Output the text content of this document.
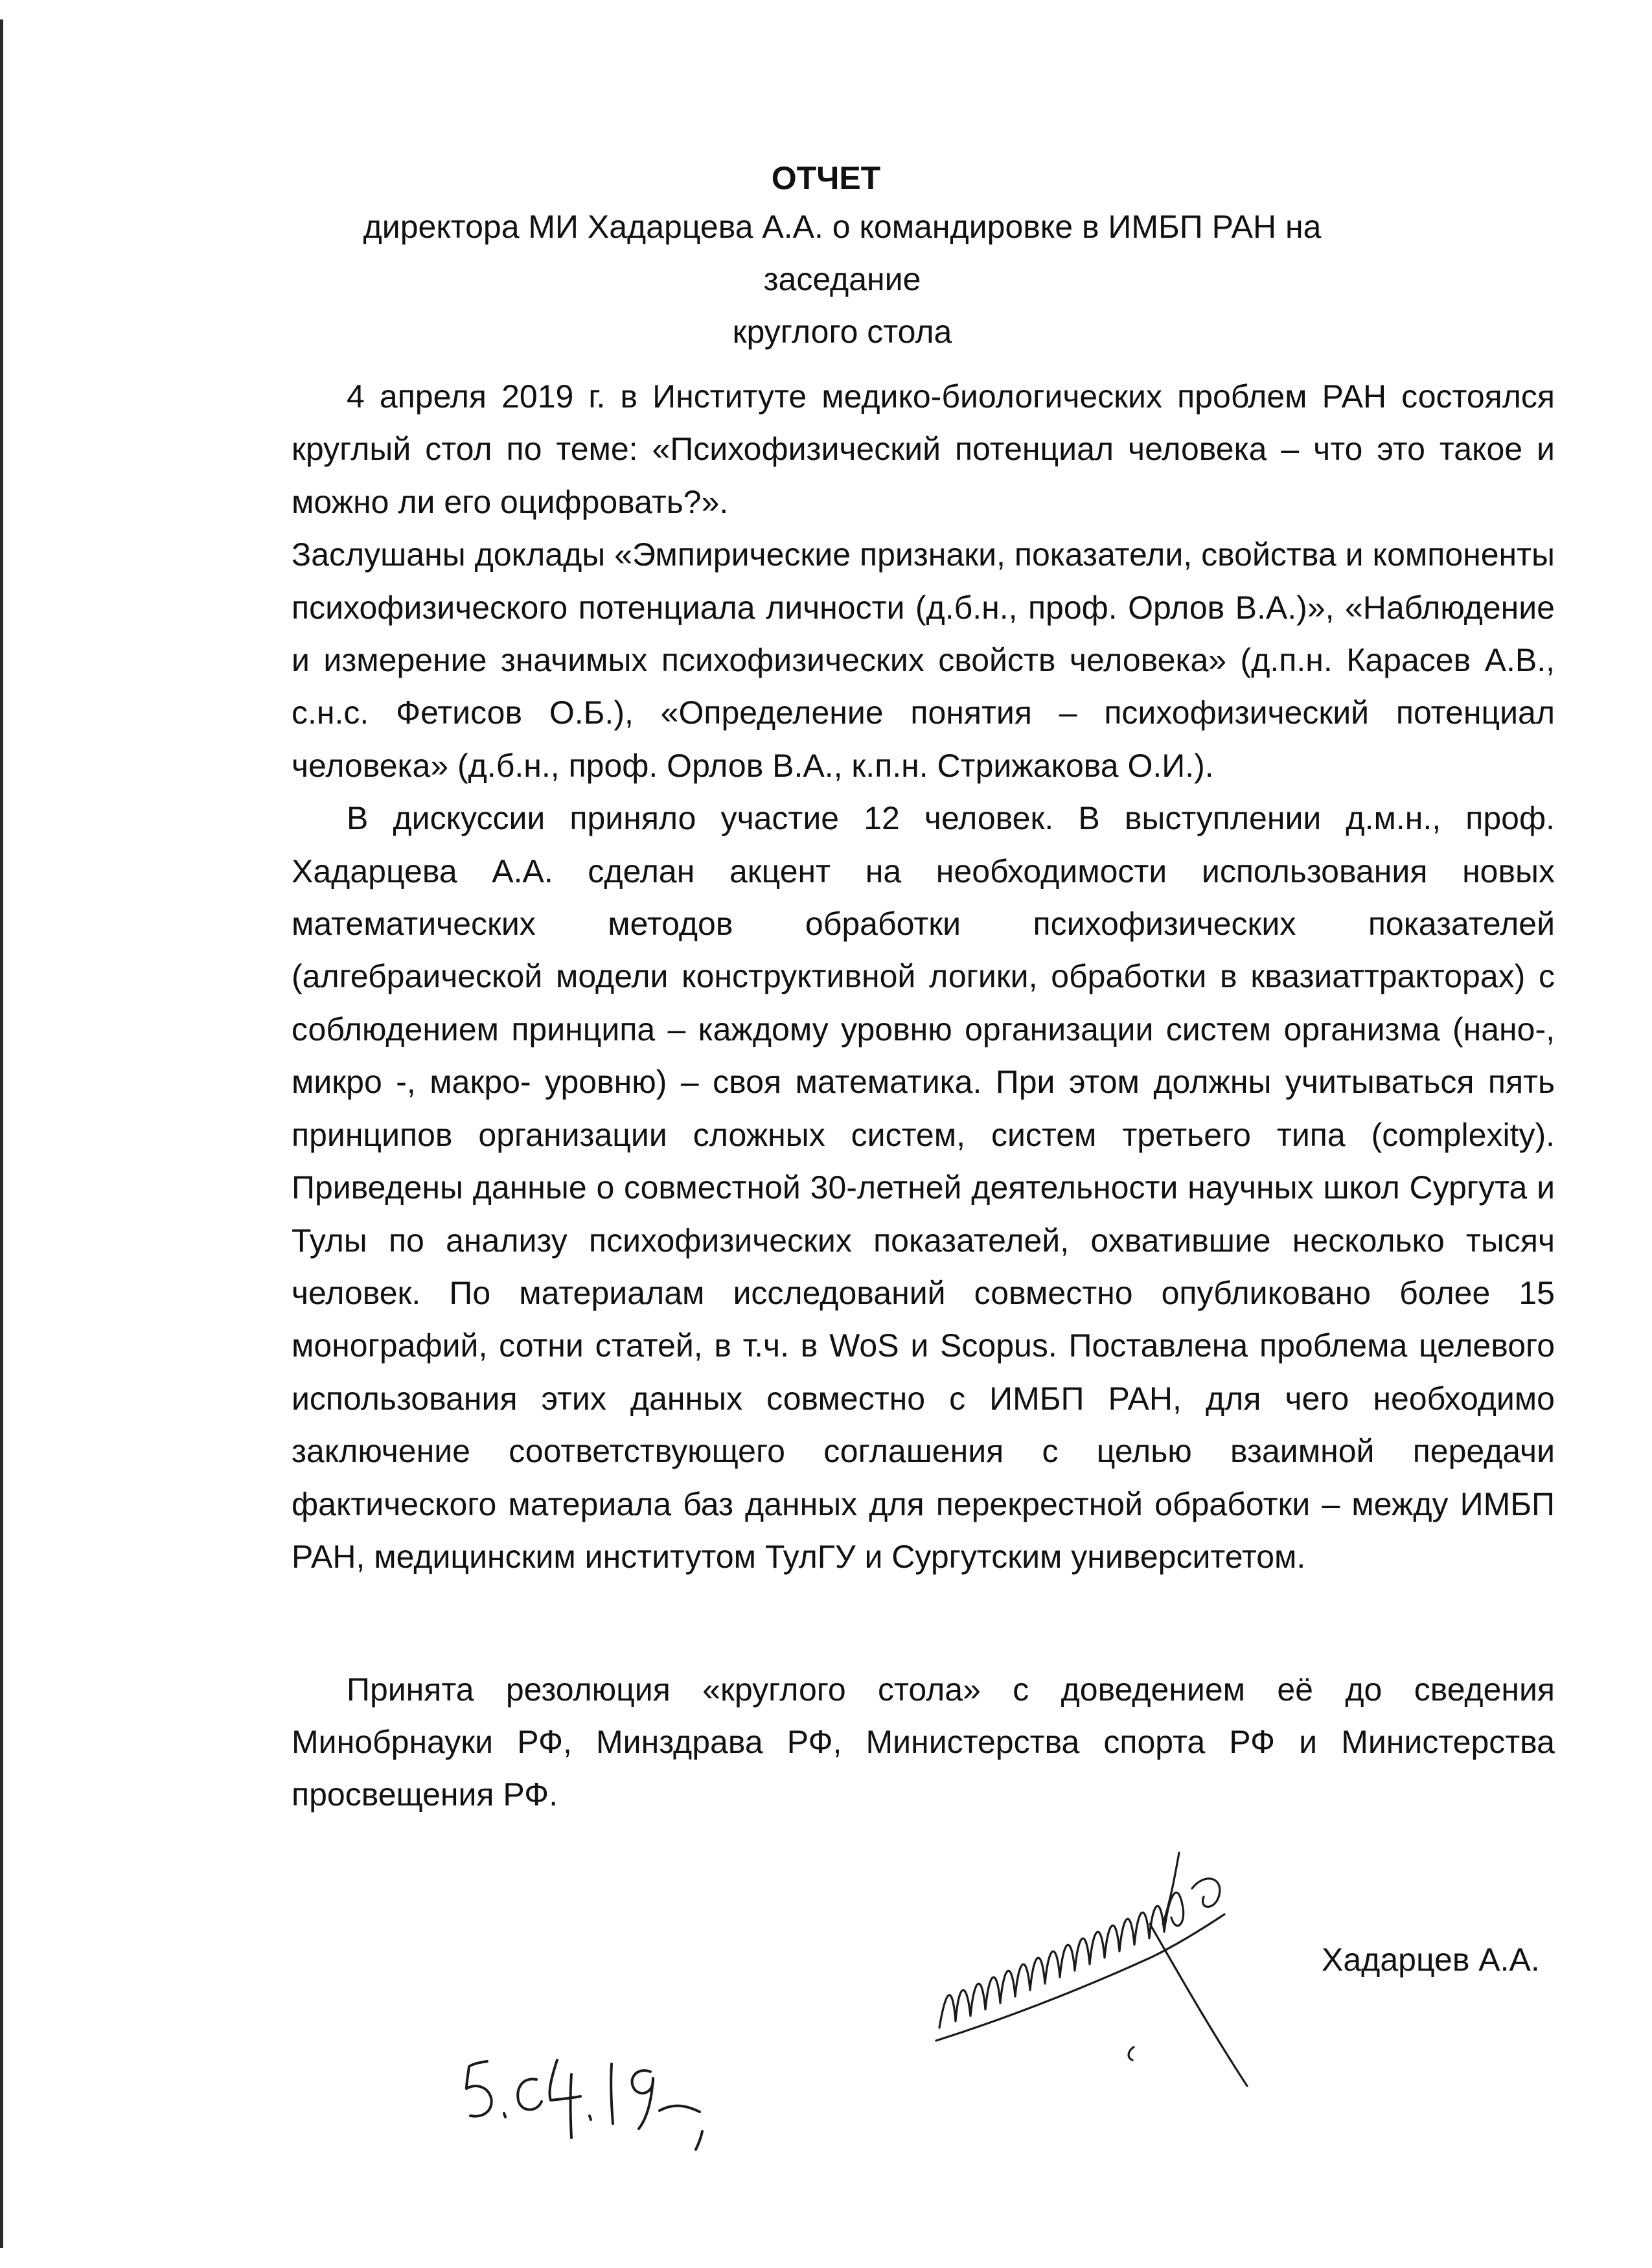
ОТЧЕТ
директора МИ Хадарцева А.А. о командировке в ИМБП РАН на заседание
круглого стола

4 апреля 2019 г. в Институте медико-биологических проблем РАН состоялся круглый стол по теме: «Психофизический потенциал человека – что это такое и можно ли его оцифровать?».

Заслушаны доклады «Эмпирические признаки, показатели, свойства и компоненты психофизического потенциала личности (д.б.н., проф. Орлов В.А.)», «Наблюдение и измерение значимых психофизических свойств человека» (д.п.н. Карасев А.В., с.н.с. Фетисов О.Б.), «Определение понятия – психофизический потенциал человека» (д.б.н., проф. Орлов В.А., к.п.н. Стрижакова О.И.).

В дискуссии приняло участие 12 человек. В выступлении д.м.н., проф. Хадарцева А.А. сделан акцент на необходимости использования новых математических методов обработки психофизических показателей (алгебраической модели конструктивной логики, обработки в квазиаттракторах) с соблюдением принципа – каждому уровню организации систем организма (нано-, микро -, макро- уровню) – своя математика. При этом должны учитываться пять принципов организации сложных систем, систем третьего типа (complexity). Приведены данные о совместной 30-летней деятельности научных школ Сургута и Тулы по анализу психофизических показателей, охватившие несколько тысяч человек. По материалам исследований совместно опубликовано более 15 монографий, сотни статей, в т.ч. в WoS и Scopus. Поставлена проблема целевого использования этих данных совместно с ИМБП РАН, для чего необходимо заключение соответствующего соглашения с целью взаимной передачи фактического материала баз данных для перекрестной обработки – между ИМБП РАН, медицинским институтом ТулГУ и Сургутским университетом.

Принята резолюция «круглого стола» с доведением её до сведения Минобрнауки РФ, Минздрава РФ, Министерства спорта РФ и Министерства просвещения РФ.

Хадарцев А.А.
